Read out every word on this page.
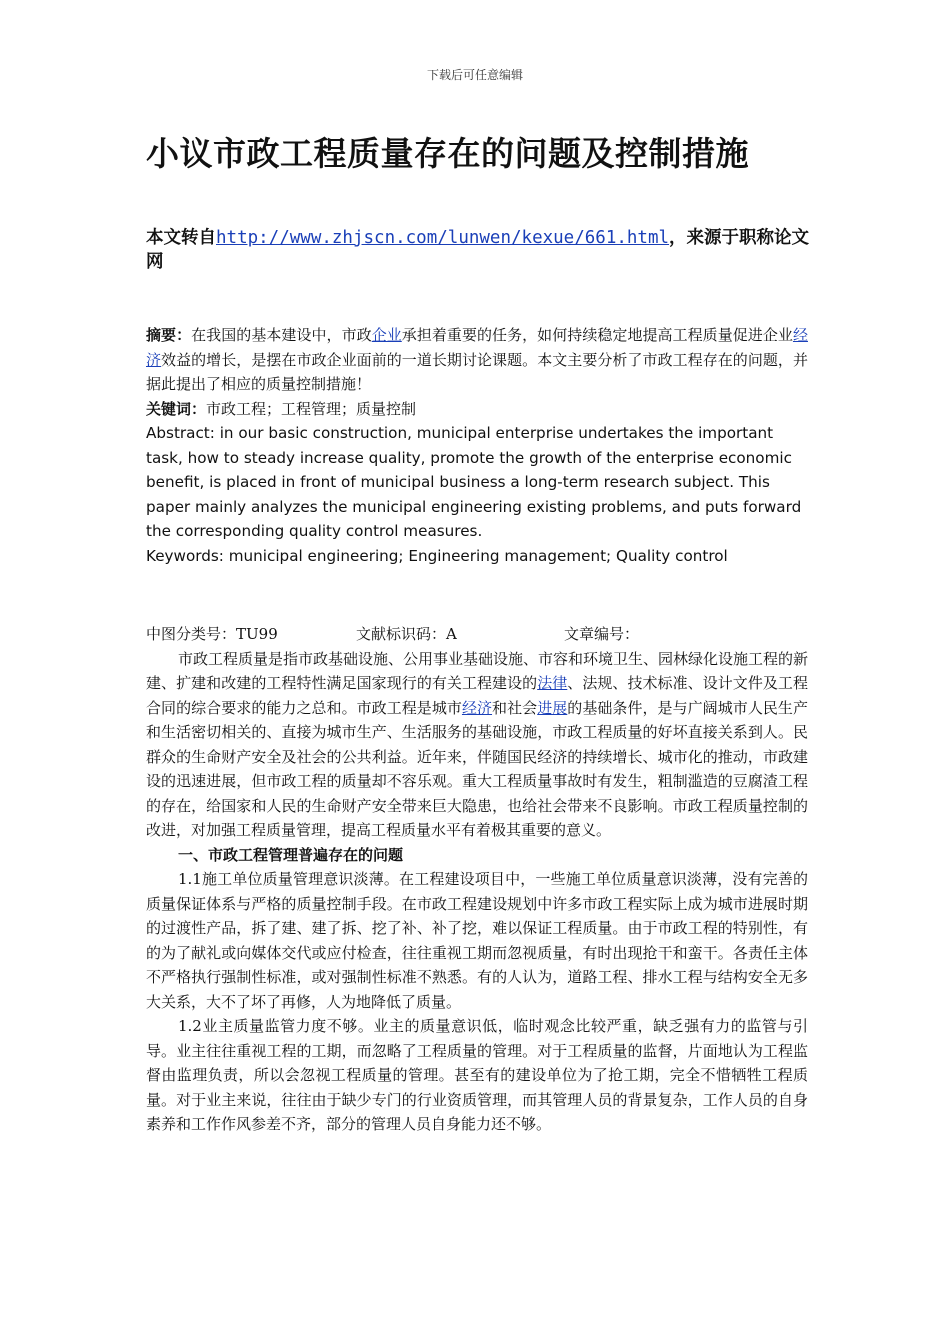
下载后可任意编辑
小议市政工程质量存在的问题及控制措施
本文转自http://www.zhjscn.com/lunwen/kexue/661.html，来源于职称论文网

摘要：在我国的基本建设中，市政企业承担着重要的任务，如何持续稳定地提高工程质量促进企业经济效益的增长，是摆在市政企业面前的一道长期讨论课题。本文主要分析了市政工程存在的问题，并据此提出了相应的质量控制措施！

关键词：市政工程；工程管理；质量控制

Abstract: in our basic construction, municipal enterprise undertakes the important task, how to steady increase quality, promote the growth of the enterprise economic benefit, is placed in front of municipal business a long-term research subject. This paper mainly analyzes the municipal engineering existing problems, and puts forward the corresponding quality control measures.

Keywords: municipal engineering; Engineering management; Quality control

中图分类号：TU99	文献标识码：A	文章编号：

市政工程质量是指市政基础设施、公用事业基础设施、市容和环境卫生、园林绿化设施工程的新建、扩建和改建的工程特性满足国家现行的有关工程建设的法律、法规、技术标准、设计文件及工程合同的综合要求的能力之总和。市政工程是城市经济和社会进展的基础条件，是与广阔城市人民生产和生活密切相关的、直接为城市生产、生活服务的基础设施，市政工程质量的好坏直接关系到人。民群众的生命财产安全及社会的公共利益。近年来，伴随国民经济的持续增长、城市化的推动，市政建设的迅速进展，但市政工程的质量却不容乐观。重大工程质量事故时有发生，粗制滥造的豆腐渣工程的存在，给国家和人民的生命财产安全带来巨大隐患，也给社会带来不良影响。市政工程质量控制的改进，对加强工程质量管理，提高工程质量水平有着极其重要的意义。

一、市政工程管理普遍存在的问题

1.1施工单位质量管理意识淡薄。在工程建设项目中，一些施工单位质量意识淡薄，没有完善的质量保证体系与严格的质量控制手段。在市政工程建设规划中许多市政工程实际上成为城市进展时期的过渡性产品，拆了建、建了拆、挖了补、补了挖，难以保证工程质量。由于市政工程的特别性，有的为了献礼或向媒体交代或应付检查，往往重视工期而忽视质量，有时出现抢干和蛮干。各责任主体不严格执行强制性标准，或对强制性标准不熟悉。有的人认为，道路工程、排水工程与结构安全无多大关系，大不了坏了再修，人为地降低了质量。

1.2业主质量监管力度不够。业主的质量意识低，临时观念比较严重，缺乏强有力的监管与引导。业主往往重视工程的工期，而忽略了工程质量的管理。对于工程质量的监督，片面地认为工程监督由监理负责，所以会忽视工程质量的管理。甚至有的建设单位为了抢工期，完全不惜牺牲工程质量。对于业主来说，往往由于缺少专门的行业资质管理，而其管理人员的背景复杂，工作人员的自身素养和工作作风参差不齐，部分的管理人员自身能力还不够。
